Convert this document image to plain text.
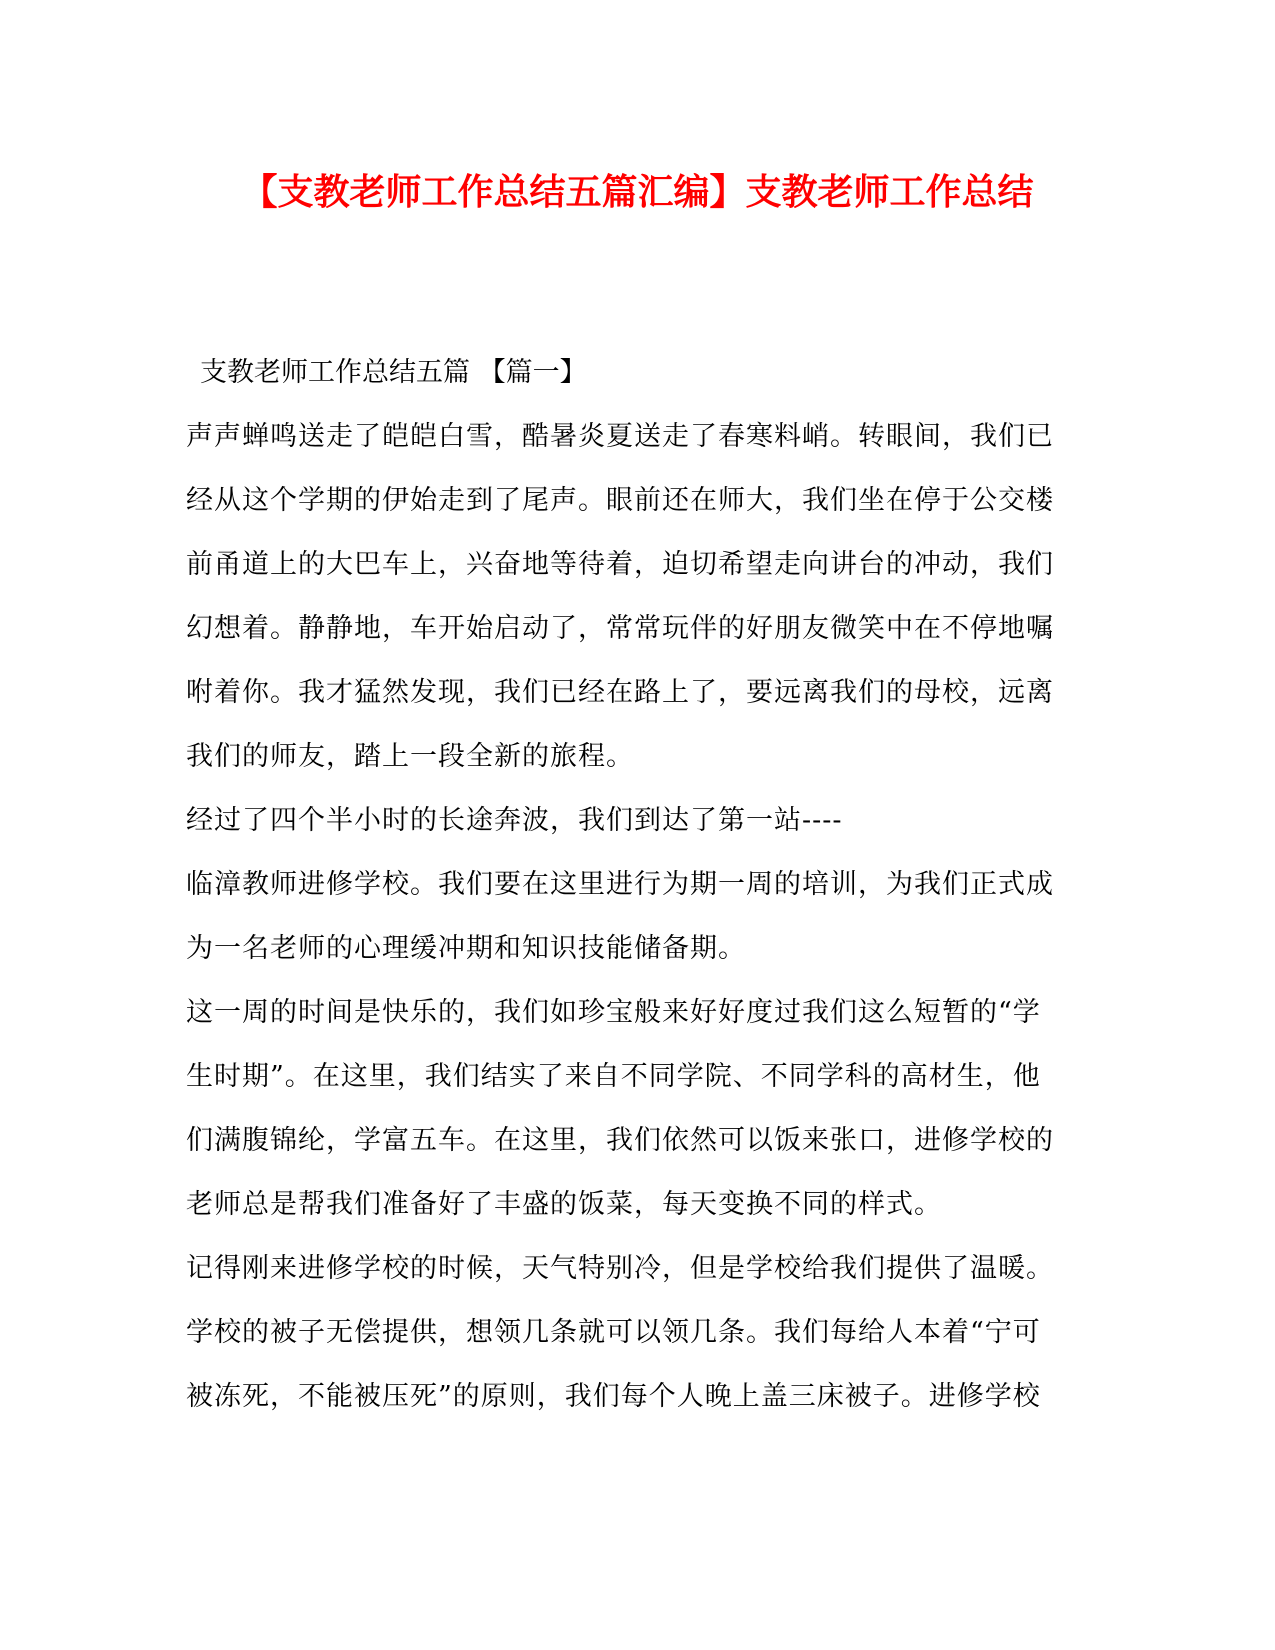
【支教老师工作总结五篇汇编】支教老师工作总结
支教老师工作总结五篇 【篇一】
声声蝉鸣送走了皑皑白雪，酷暑炎夏送走了春寒料峭。转眼间，我们已
经从这个学期的伊始走到了尾声。眼前还在师大，我们坐在停于公交楼
前甬道上的大巴车上，兴奋地等待着，迫切希望走向讲台的冲动，我们
幻想着。静静地，车开始启动了，常常玩伴的好朋友微笑中在不停地嘱
咐着你。我才猛然发现，我们已经在路上了，要远离我们的母校，远离
我们的师友，踏上一段全新的旅程。
经过了四个半小时的长途奔波，我们到达了第一站----
临漳教师进修学校。我们要在这里进行为期一周的培训，为我们正式成
为一名老师的心理缓冲期和知识技能储备期。
这一周的时间是快乐的，我们如珍宝般来好好度过我们这么短暂的“学
生时期”。在这里，我们结实了来自不同学院、不同学科的高材生，他
们满腹锦纶，学富五车。在这里，我们依然可以饭来张口，进修学校的
老师总是帮我们准备好了丰盛的饭菜，每天变换不同的样式。
记得刚来进修学校的时候，天气特别冷，但是学校给我们提供了温暖。
学校的被子无偿提供，想领几条就可以领几条。我们每给人本着“宁可
被冻死，不能被压死”的原则，我们每个人晚上盖三床被子。进修学校
